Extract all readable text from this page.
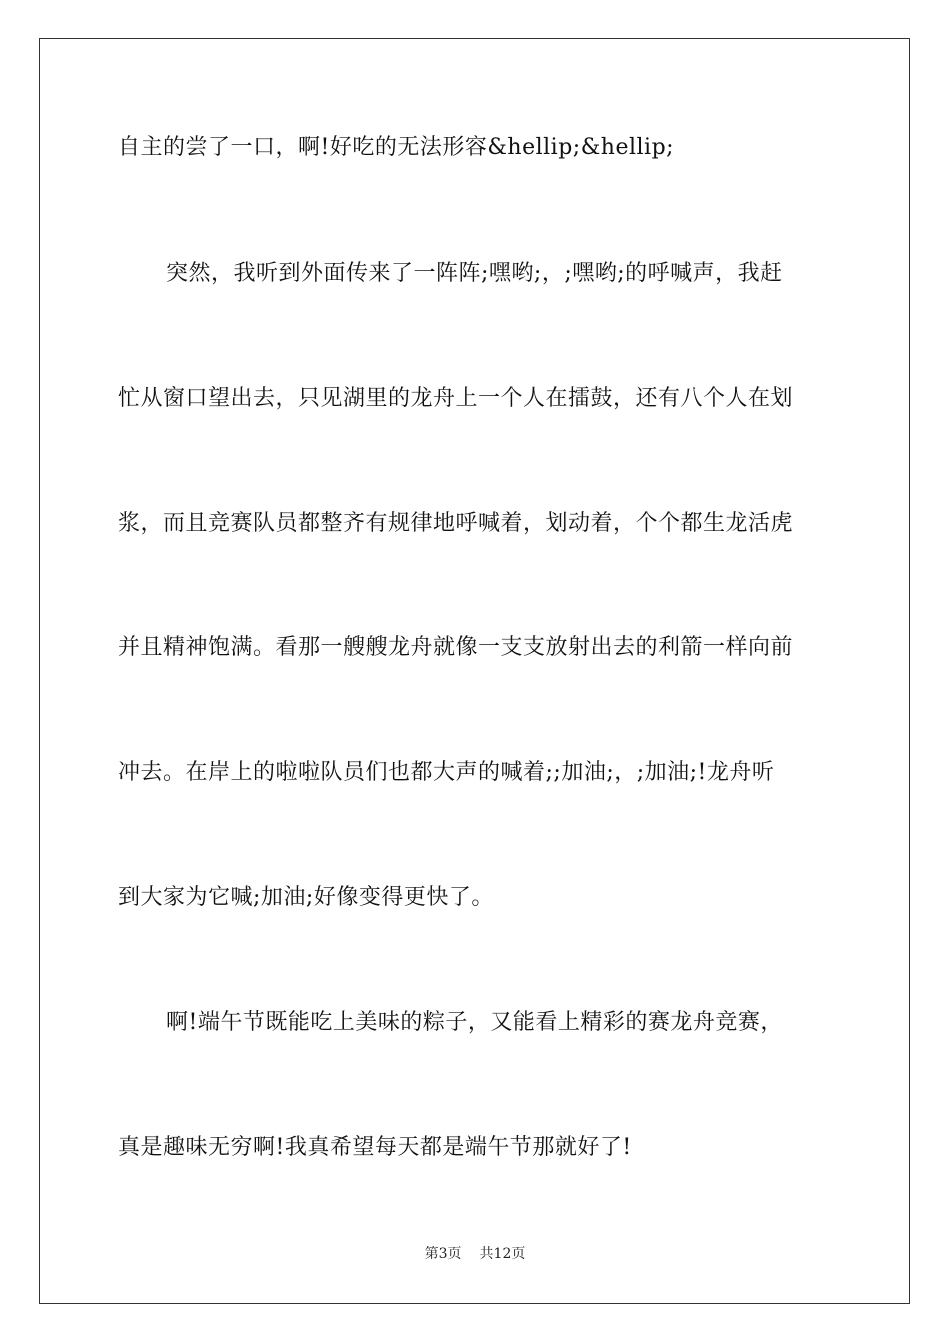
自主的尝了一口，啊!好吃的无法形容&hellip;&hellip;
突然，我听到外面传来了一阵阵;嘿哟;，;嘿哟;的呼喊声，我赶
忙从窗口望出去，只见湖里的龙舟上一个人在擂鼓，还有八个人在划
浆，而且竞赛队员都整齐有规律地呼喊着，划动着，个个都生龙活虎
并且精神饱满。看那一艘艘龙舟就像一支支放射出去的利箭一样向前
冲去。在岸上的啦啦队员们也都大声的喊着;;加油;，;加油;!龙舟听
到大家为它喊;加油;好像变得更快了。
啊!端午节既能吃上美味的粽子，又能看上精彩的赛龙舟竞赛，
真是趣味无穷啊!我真希望每天都是端午节那就好了!
第3页 共12页
